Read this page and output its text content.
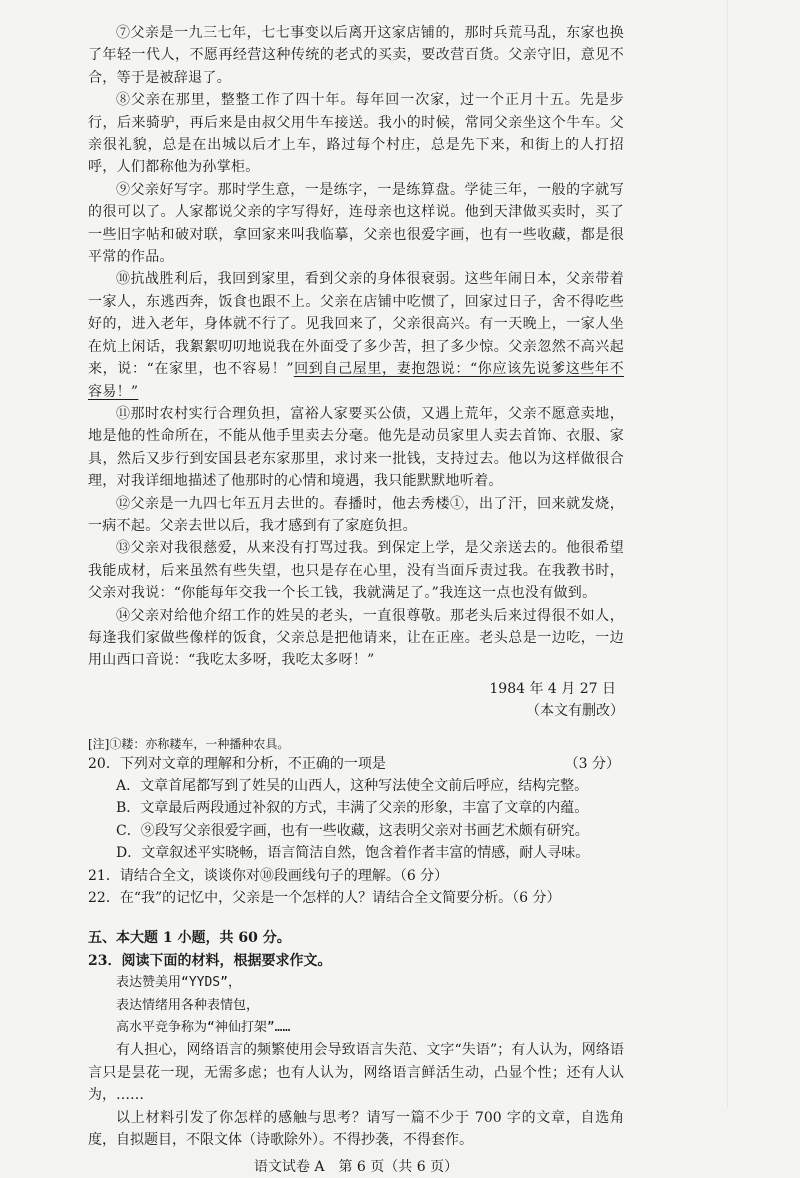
⑦父亲是一九三七年，七七事变以后离开这家店铺的，那时兵荒马乱，东家也换了年轻一代人，不愿再经营这种传统的老式的买卖，要改营百货。父亲守旧，意见不合，等于是被辞退了。

⑧父亲在那里，整整工作了四十年。每年回一次家，过一个正月十五。先是步行，后来骑驴，再后来是由叔父用牛车接送。我小的时候，常同父亲坐这个牛车。父亲很礼貌，总是在出城以后才上车，路过每个村庄，总是先下来，和街上的人打招呼，人们都称他为孙掌柜。

⑨父亲好写字。那时学生意，一是练字，一是练算盘。学徒三年，一般的字就写的很可以了。人家都说父亲的字写得好，连母亲也这样说。他到天津做买卖时，买了一些旧字帖和破对联，拿回家来叫我临摹，父亲也很爱字画，也有一些收藏，都是很平常的作品。

⑩抗战胜利后，我回到家里，看到父亲的身体很衰弱。这些年闹日本，父亲带着一家人，东逃西奔，饭食也跟不上。父亲在店铺中吃惯了，回家过日子，舍不得吃些好的，进入老年，身体就不行了。见我回来了，父亲很高兴。有一天晚上，一家人坐在炕上闲话，我絮絮叨叨地说我在外面受了多少苦，担了多少惊。父亲忽然不高兴起来，说：“在家里，也不容易！”回到自己屋里，妻抱怨说：“你应该先说爹这些年不容易！”

⑪那时农村实行合理负担，富裕人家要买公债，又遇上荒年，父亲不愿意卖地，地是他的性命所在，不能从他手里卖去分毫。他先是动员家里人卖去首饰、衣服、家具，然后又步行到安国县老东家那里，求讨来一批钱，支持过去。他以为这样做很合理，对我详细地描述了他那时的心情和境遇，我只能默默地听着。

⑫父亲是一九四七年五月去世的。春播时，他去秀楼①，出了汗，回来就发烧，一病不起。父亲去世以后，我才感到有了家庭负担。

⑬父亲对我很慈爱，从来没有打骂过我。到保定上学，是父亲送去的。他很希望我能成材，后来虽然有些失望，也只是存在心里，没有当面斥责过我。在我教书时，父亲对我说：“你能每年交我一个长工钱，我就满足了。”我连这一点也没有做到。

⑭父亲对给他介绍工作的姓吴的老头，一直很尊敬。那老头后来过得很不如人，每逢我们家做些像样的饭食，父亲总是把他请来，让在正座。老头总是一边吃，一边用山西口音说：“我吃太多呀，我吃太多呀！”

1984 年 4 月 27 日
（本文有删改）
[注]①耧：亦称耧车，一种播种农具。

20．下列对文章的理解和分析，不正确的一项是	（3 分）

A．文章首尾都写到了姓吴的山西人，这种写法使全文前后呼应，结构完整。

B．文章最后两段通过补叙的方式，丰满了父亲的形象，丰富了文章的内蕴。

C．⑨段写父亲很爱字画，也有一些收藏，这表明父亲对书画艺术颇有研究。

D．文章叙述平实晓畅，语言简洁自然，饱含着作者丰富的情感，耐人寻味。

21．请结合全文，谈谈你对⑩段画线句子的理解。（6 分）

22．在“我”的记忆中，父亲是一个怎样的人？请结合全文简要分析。（6 分）

五、本大题 1 小题，共 60 分。

23．阅读下面的材料，根据要求作文。

表达赞美用“YYDS”，

表达情绪用各种表情包，

高水平竞争称为“神仙打架”……

有人担心，网络语言的频繁使用会导致语言失范、文字“失语”；有人认为，网络语言只是昙花一现，无需多虑；也有人认为，网络语言鲜活生动，凸显个性；还有人认为，……

以上材料引发了你怎样的感触与思考？请写一篇不少于 700 字的文章，自选角度，自拟题目，不限文体（诗歌除外）。不得抄袭，不得套作。

语文试卷 A　第 6 页（共 6 页）
